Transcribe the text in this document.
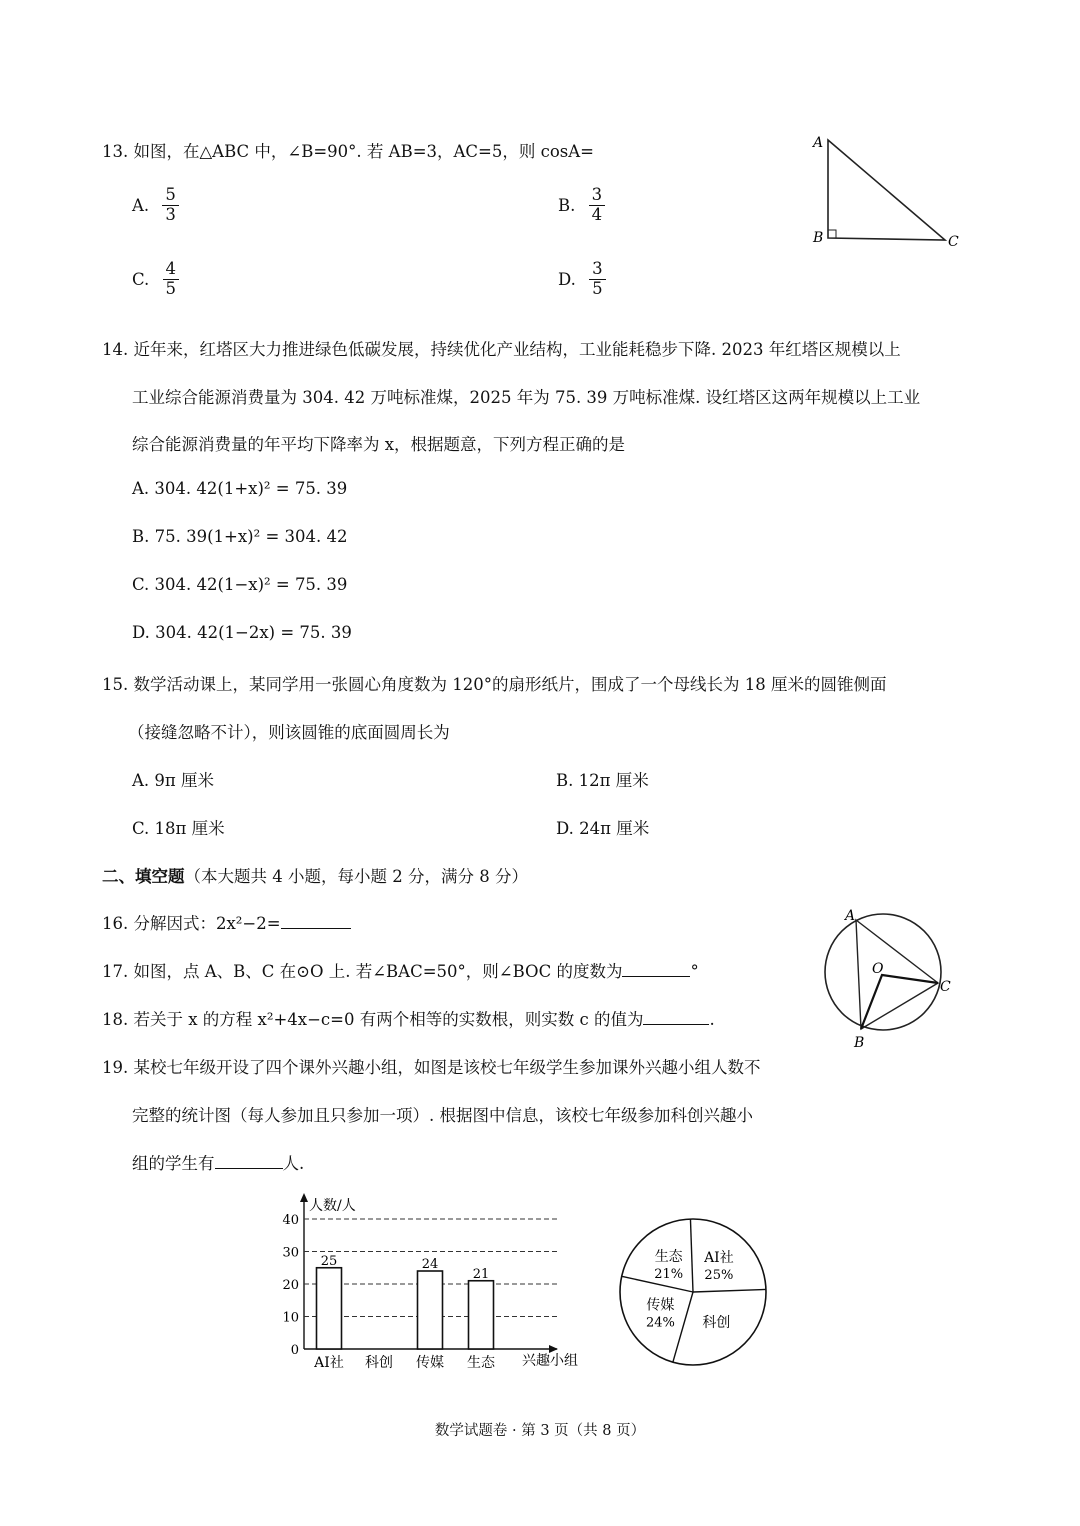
13. 如图，在△ABC 中，∠B=90°. 若 AB=3，AC=5，则 cosA=
A. $\frac{5}{3}$	B. $\frac{3}{4}$
C. $\frac{4}{5}$	D. $\frac{3}{5}$
A
B	C
14. 近年来，红塔区大力推进绿色低碳发展，持续优化产业结构，工业能耗稳步下降. 2023 年红塔区规模以上
工业综合能源消费量为 304. 42 万吨标准煤，2025 年为 75. 39 万吨标准煤. 设红塔区这两年规模以上工业
综合能源消费量的年平均下降率为 x，根据题意，下列方程正确的是
A. 304. 42(1+x)² = 75. 39
B. 75. 39(1+x)² = 304. 42
C. 304. 42(1−x)² = 75. 39
D. 304. 42(1−2x) = 75. 39
15. 数学活动课上，某同学用一张圆心角度数为 120°的扇形纸片，围成了一个母线长为 18 厘米的圆锥侧面
（接缝忽略不计），则该圆锥的底面圆周长为
A. 9π 厘米	B. 12π 厘米
C. 18π 厘米	D. 24π 厘米
二、填空题（本大题共 4 小题，每小题 2 分，满分 8 分）
16. 分解因式：2x²−2=
17. 如图，点 A、B、C 在⊙O 上. 若∠BAC=50°，则∠BOC 的度数为	°
18. 若关于 x 的方程 x²+4x−c=0 有两个相等的实数根，则实数 c 的值为	.
A
O
C
B
19. 某校七年级开设了四个课外兴趣小组，如图是该校七年级学生参加课外兴趣小组人数不
完整的统计图（每人参加且只参加一项）. 根据图中信息，该校七年级参加科创兴趣小
组的学生有	人.
0
10
20
30
40
人数/人
兴趣小组
AI社
25
科创 传媒
24
生态
21
AI社
25%
科创
传媒
24%
生态
21%
数学试题卷 · 第 3 页（共 8 页）
